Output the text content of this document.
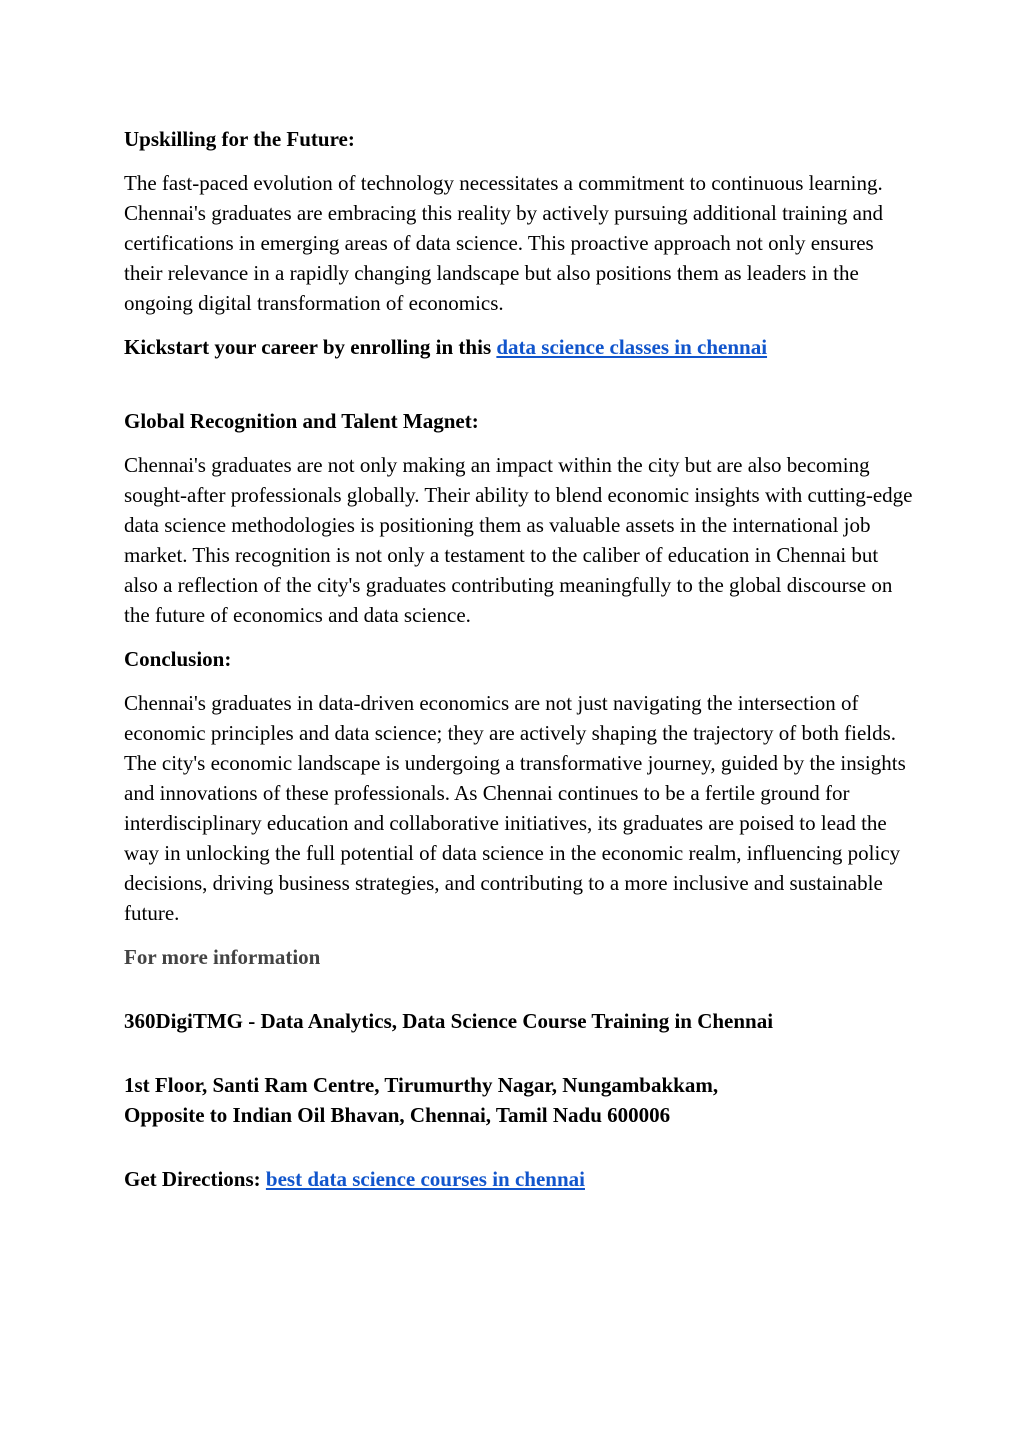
Upskilling for the Future:

The fast-paced evolution of technology necessitates a commitment to continuous learning. Chennai's graduates are embracing this reality by actively pursuing additional training and certifications in emerging areas of data science. This proactive approach not only ensures their relevance in a rapidly changing landscape but also positions them as leaders in the ongoing digital transformation of economics.

Kickstart your career by enrolling in this data science classes in chennai

Global Recognition and Talent Magnet:

Chennai's graduates are not only making an impact within the city but are also becoming sought-after professionals globally. Their ability to blend economic insights with cutting-edge data science methodologies is positioning them as valuable assets in the international job market. This recognition is not only a testament to the caliber of education in Chennai but also a reflection of the city's graduates contributing meaningfully to the global discourse on the future of economics and data science.

Conclusion:

Chennai's graduates in data-driven economics are not just navigating the intersection of economic principles and data science; they are actively shaping the trajectory of both fields. The city's economic landscape is undergoing a transformative journey, guided by the insights and innovations of these professionals. As Chennai continues to be a fertile ground for interdisciplinary education and collaborative initiatives, its graduates are poised to lead the way in unlocking the full potential of data science in the economic realm, influencing policy decisions, driving business strategies, and contributing to a more inclusive and sustainable future.

For more information

360DigiTMG - Data Analytics, Data Science Course Training in Chennai

1st Floor, Santi Ram Centre, Tirumurthy Nagar, Nungambakkam,

Opposite to Indian Oil Bhavan, Chennai, Tamil Nadu 600006

Get Directions: best data science courses in chennai
